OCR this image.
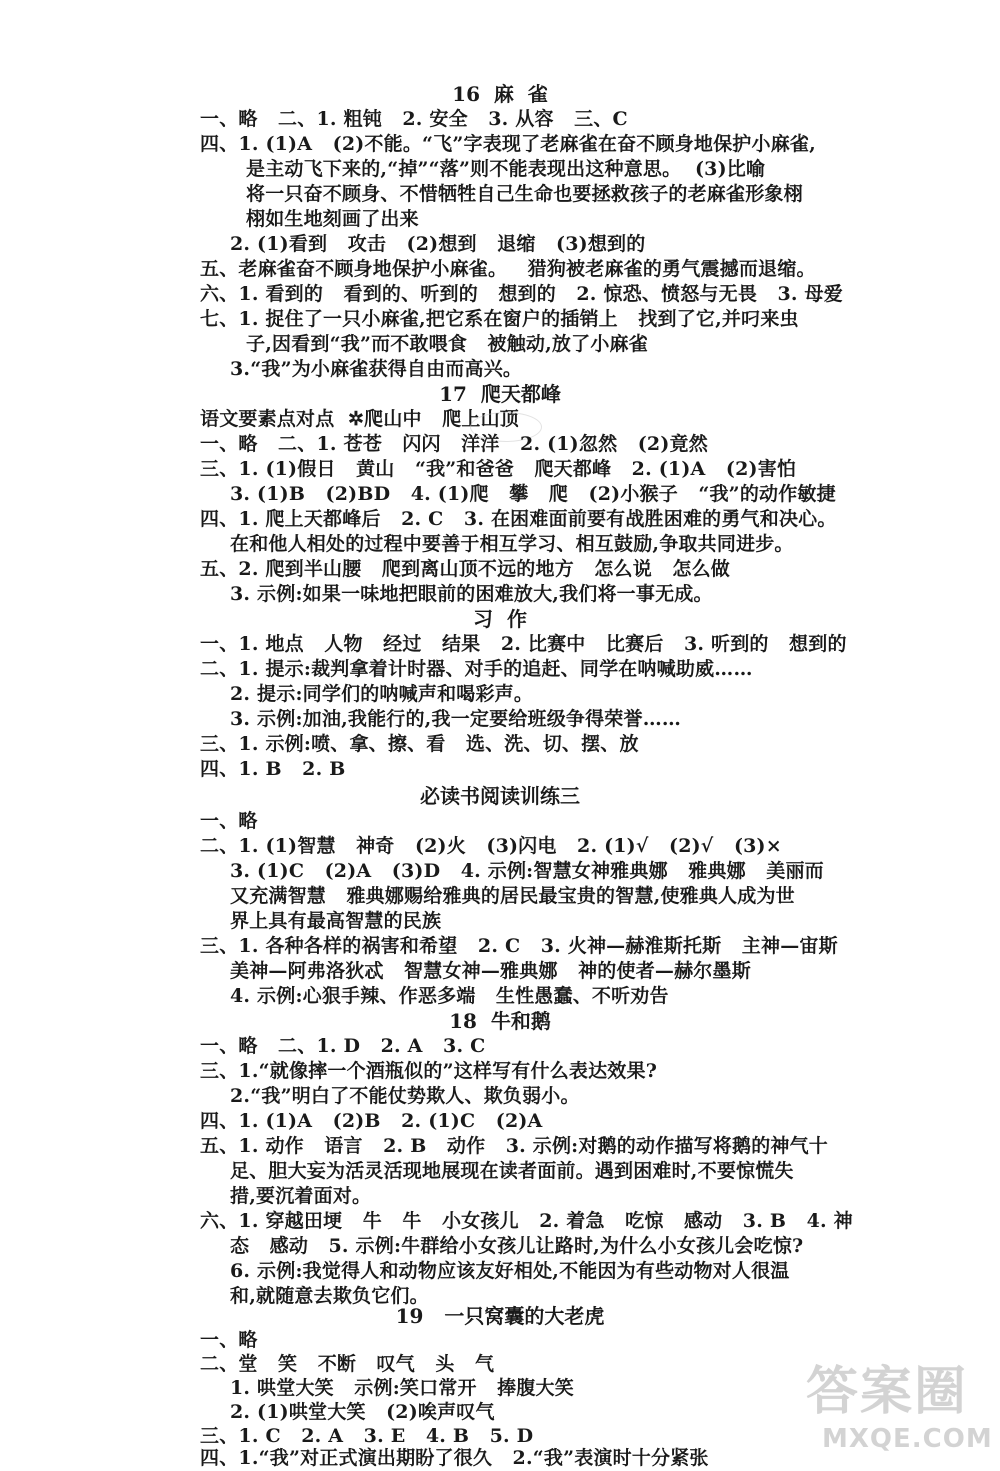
16  麻  雀
一、略   二、1. 粗钝   2. 安全   3. 从容   三、C
四、1. (1)A   (2)不能。“飞”字表现了老麻雀在奋不顾身地保护小麻雀,
是主动飞下来的,“掉”“落”则不能表现出这种意思。  (3)比喻
将一只奋不顾身、不惜牺牲自己生命也要拯救孩子的老麻雀形象栩
栩如生地刻画了出来
2. (1)看到   攻击   (2)想到   退缩   (3)想到的
五、老麻雀奋不顾身地保护小麻雀。   猎狗被老麻雀的勇气震撼而退缩。
六、1. 看到的   看到的、听到的   想到的   2. 惊恐、愤怒与无畏   3. 母爱
七、1. 捉住了一只小麻雀,把它系在窗户的插销上   找到了它,并叼来虫
子,因看到“我”而不敢喂食   被触动,放了小麻雀
3.“我”为小麻雀获得自由而高兴。
17  爬天都峰
语文要素点对点  ✲爬山中   爬上山顶
一、略   二、1. 苍苍   闪闪   洋洋   2. (1)忽然   (2)竟然
三、1. (1)假日   黄山   “我”和爸爸   爬天都峰   2. (1)A   (2)害怕
3. (1)B   (2)BD   4. (1)爬   攀   爬   (2)小猴子   “我”的动作敏捷
四、1. 爬上天都峰后   2. C   3. 在困难面前要有战胜困难的勇气和决心。
在和他人相处的过程中要善于相互学习、相互鼓励,争取共同进步。
五、2. 爬到半山腰   爬到离山顶不远的地方   怎么说   怎么做
3. 示例:如果一味地把眼前的困难放大,我们将一事无成。
习  作
一、1. 地点   人物   经过   结果   2. 比赛中   比赛后   3. 听到的   想到的
二、1. 提示:裁判拿着计时器、对手的追赶、同学在呐喊助威……
2. 提示:同学们的呐喊声和喝彩声。
3. 示例:加油,我能行的,我一定要给班级争得荣誉……
三、1. 示例:喷、拿、擦、看   选、洗、切、摆、放
四、1. B   2. B
必读书阅读训练三
一、略
二、1. (1)智慧   神奇   (2)火   (3)闪电   2. (1)√   (2)√   (3)×
3. (1)C   (2)A   (3)D   4. 示例:智慧女神雅典娜   雅典娜   美丽而
又充满智慧   雅典娜赐给雅典的居民最宝贵的智慧,使雅典人成为世
界上具有最高智慧的民族
三、1. 各种各样的祸害和希望   2. C   3. 火神—赫淮斯托斯   主神—宙斯
美神—阿弗洛狄忒   智慧女神—雅典娜   神的使者—赫尔墨斯
4. 示例:心狠手辣、作恶多端   生性愚蠢、不听劝告
18  牛和鹅
一、略   二、1. D   2. A   3. C
三、1.“就像摔一个酒瓶似的”这样写有什么表达效果?
2.“我”明白了不能仗势欺人、欺负弱小。
四、1. (1)A   (2)B   2. (1)C   (2)A
五、1. 动作   语言   2. B   动作   3. 示例:对鹅的动作描写将鹅的神气十
足、胆大妄为活灵活现地展现在读者面前。遇到困难时,不要惊慌失
措,要沉着面对。
六、1. 穿越田埂   牛   牛   小女孩儿   2. 着急   吃惊   感动   3. B   4. 神
态   感动   5. 示例:牛群给小女孩儿让路时,为什么小女孩儿会吃惊?
6. 示例:我觉得人和动物应该友好相处,不能因为有些动物对人很温
和,就随意去欺负它们。
19   一只窝囊的大老虎
一、略
二、堂   笑   不断   叹气   头   气
1. 哄堂大笑   示例:笑口常开   捧腹大笑
2. (1)哄堂大笑   (2)唉声叹气
三、1. C   2. A   3. E   4. B   5. D
答案圈
MXQE.COM
四、1.“我”对正式演出期盼了很久   2.“我”表演时十分紧张
